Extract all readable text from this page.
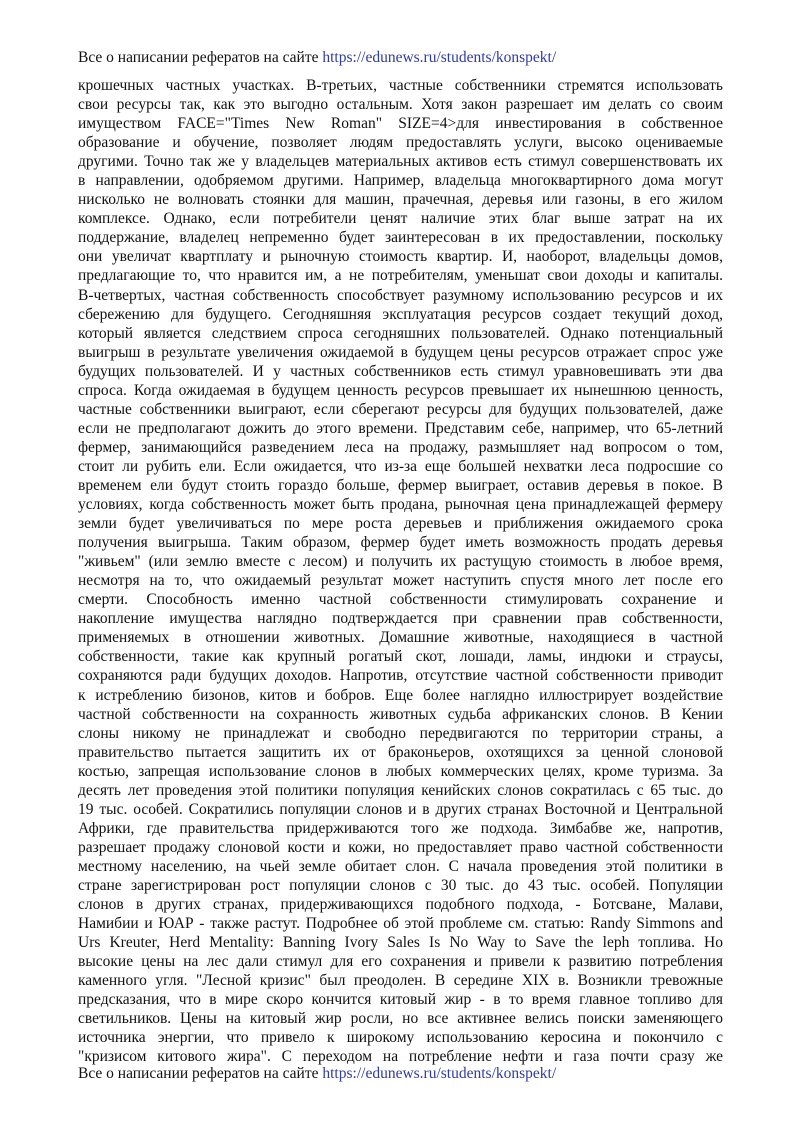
Все о написании рефератов на сайте https://edunews.ru/students/konspekt/
крошечных частных участках. В-третьих, частные собственники стремятся использовать
свои ресурсы так, как это выгодно остальным. Хотя закон разрешает им делать со своим
имуществом FACE="Times New Roman" SIZE=4>для инвестирования в собственное
образование и обучение, позволяет людям предоставлять услуги, высоко оцениваемые
другими. Точно так же у владельцев материальных активов есть стимул совершенствовать их
в направлении, одобряемом другими. Например, владельца многоквартирного дома могут
нисколько не волновать стоянки для машин, прачечная, деревья или газоны, в его жилом
комплексе. Однако, если потребители ценят наличие этих благ выше затрат на их
поддержание, владелец непременно будет заинтересован в их предоставлении, поскольку
они увеличат квартплату и рыночную стоимость квартир. И, наоборот, владельцы домов,
предлагающие то, что нравится им, а не потребителям, уменьшат свои доходы и капиталы.
В-четвертых, частная собственность способствует разумному использованию ресурсов и их
сбережению для будущего. Сегодняшняя эксплуатация ресурсов создает текущий доход,
который является следствием спроса сегодняшних пользователей. Однако потенциальный
выигрыш в результате увеличения ожидаемой в будущем цены ресурсов отражает спрос уже
будущих пользователей. И у частных собственников есть стимул уравновешивать эти два
спроса. Когда ожидаемая в будущем ценность ресурсов превышает их нынешнюю ценность,
частные собственники выиграют, если сберегают ресурсы для будущих пользователей, даже
если не предполагают дожить до этого времени. Представим себе, например, что 65-летний
фермер, занимающийся разведением леса на продажу, размышляет над вопросом о том,
стоит ли рубить ели. Если ожидается, что из-за еще большей нехватки леса подросшие со
временем ели будут стоить гораздо больше, фермер выиграет, оставив деревья в покое. В
условиях, когда собственность может быть продана, рыночная цена принадлежащей фермеру
земли будет увеличиваться по мере роста деревьев и приближения ожидаемого срока
получения выигрыша. Таким образом, фермер будет иметь возможность продать деревья
"живьем" (или землю вместе с лесом) и получить их растущую стоимость в любое время,
несмотря на то, что ожидаемый результат может наступить спустя много лет после его
смерти. Способность именно частной собственности стимулировать сохранение и
накопление имущества наглядно подтверждается при сравнении прав собственности,
применяемых в отношении животных. Домашние животные, находящиеся в частной
собственности, такие как крупный рогатый скот, лошади, ламы, индюки и страусы,
сохраняются ради будущих доходов. Напротив, отсутствие частной собственности приводит
к истреблению бизонов, китов и бобров. Еще более наглядно иллюстрирует воздействие
частной собственности на сохранность животных судьба африканских слонов. В Кении
слоны никому не принадлежат и свободно передвигаются по территории страны, а
правительство пытается защитить их от браконьеров, охотящихся за ценной слоновой
костью, запрещая использование слонов в любых коммерческих целях, кроме туризма. За
десять лет проведения этой политики популяция кенийских слонов сократилась с 65 тыс. до
19 тыс. особей. Сократились популяции слонов и в других странах Восточной и Центральной
Африки, где правительства придерживаются того же подхода. Зимбабве же, напротив,
разрешает продажу слоновой кости и кожи, но предоставляет право частной собственности
местному населению, на чьей земле обитает слон. С начала проведения этой политики в
стране зарегистрирован рост популяции слонов с 30 тыс. до 43 тыс. особей. Популяции
слонов в других странах, придерживающихся подобного подхода, - Ботсване, Малави,
Намибии и ЮАР - также растут. Подробнее об этой проблеме см. статью: Randy Simmons and
Urs Kreuter, Herd Mentality: Banning Ivory Sales Is No Way to Save the leph топлива. Но
высокие цены на лес дали стимул для его сохранения и привели к развитию потребления
каменного угля. "Лесной кризис" был преодолен. В середине XIX в. Возникли тревожные
предсказания, что в мире скоро кончится китовый жир - в то время главное топливо для
светильников. Цены на китовый жир росли, но все активнее велись поиски заменяющего
источника энергии, что привело к широкому использованию керосина и покончило с
"кризисом китового жира". С переходом на потребление нефти и газа почти сразу же
Все о написании рефератов на сайте https://edunews.ru/students/konspekt/
